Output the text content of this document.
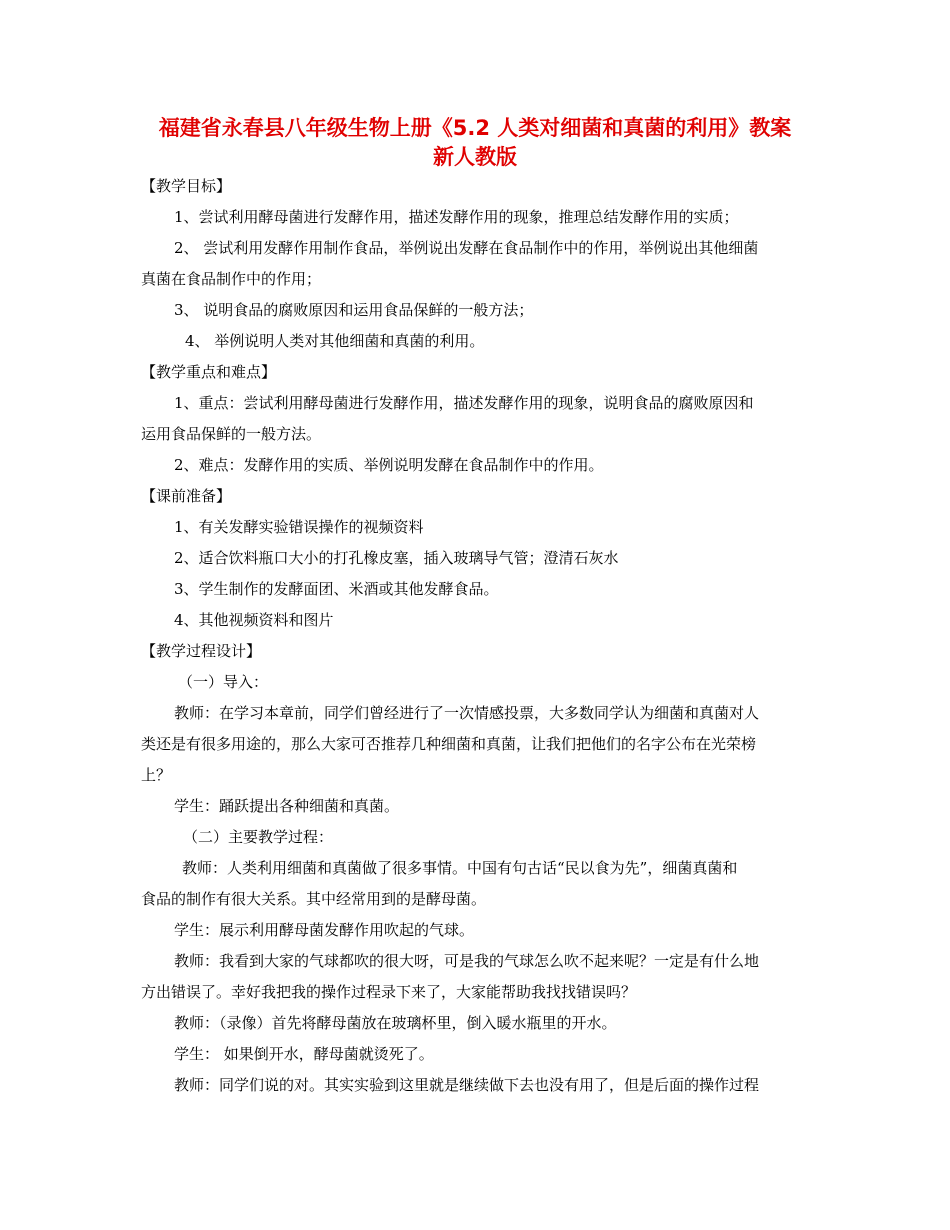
福建省永春县八年级生物上册《5.2 人类对细菌和真菌的利用》教案
新人教版
【教学目标】
1、尝试利用酵母菌进行发酵作用，描述发酵作用的现象，推理总结发酵作用的实质；
2、 尝试利用发酵作用制作食品，举例说出发酵在食品制作中的作用，举例说出其他细菌
真菌在食品制作中的作用；
3、 说明食品的腐败原因和运用食品保鲜的一般方法；
4、 举例说明人类对其他细菌和真菌的利用。
【教学重点和难点】
1、重点：尝试利用酵母菌进行发酵作用，描述发酵作用的现象，说明食品的腐败原因和
运用食品保鲜的一般方法。
2、难点：发酵作用的实质、举例说明发酵在食品制作中的作用。
【课前准备】
1、有关发酵实验错误操作的视频资料
2、适合饮料瓶口大小的打孔橡皮塞，插入玻璃导气管；澄清石灰水
3、学生制作的发酵面团、米酒或其他发酵食品。
4、其他视频资料和图片
【教学过程设计】
（一）导入：
教师：在学习本章前，同学们曾经进行了一次情感投票，大多数同学认为细菌和真菌对人
类还是有很多用途的，那么大家可否推荐几种细菌和真菌，让我们把他们的名字公布在光荣榜
上？
学生：踊跃提出各种细菌和真菌。
（二）主要教学过程：
教师：人类利用细菌和真菌做了很多事情。中国有句古话“民以食为先”，细菌真菌和
食品的制作有很大关系。其中经常用到的是酵母菌。
学生：展示利用酵母菌发酵作用吹起的气球。
教师：我看到大家的气球都吹的很大呀，可是我的气球怎么吹不起来呢？一定是有什么地
方出错误了。幸好我把我的操作过程录下来了，大家能帮助我找找错误吗？
教师：（录像）首先将酵母菌放在玻璃杯里，倒入暖水瓶里的开水。
学生： 如果倒开水，酵母菌就烫死了。
教师：同学们说的对。其实实验到这里就是继续做下去也没有用了，但是后面的操作过程
